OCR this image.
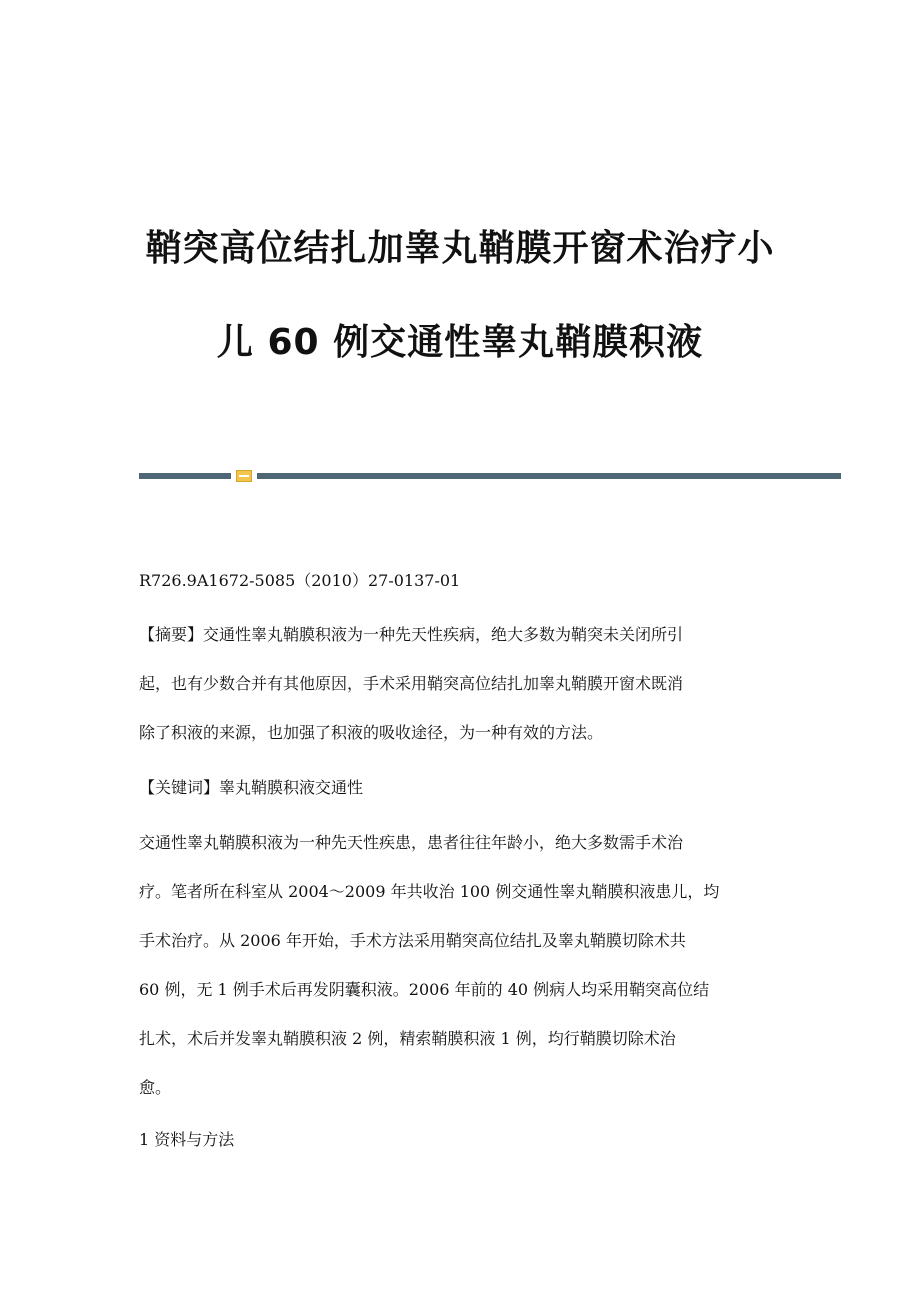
鞘突高位结扎加睾丸鞘膜开窗术治疗小
儿 60 例交通性睾丸鞘膜积液
R726.9A1672-5085（2010）27-0137-01
【摘要】交通性睾丸鞘膜积液为一种先天性疾病，绝大多数为鞘突未关闭所引
起，也有少数合并有其他原因，手术采用鞘突高位结扎加睾丸鞘膜开窗术既消
除了积液的来源，也加强了积液的吸收途径，为一种有效的方法。
【关键词】睾丸鞘膜积液交通性
交通性睾丸鞘膜积液为一种先天性疾患，患者往往年龄小，绝大多数需手术治
疗。笔者所在科室从 2004～2009 年共收治 100 例交通性睾丸鞘膜积液患儿，均
手术治疗。从 2006 年开始，手术方法采用鞘突高位结扎及睾丸鞘膜切除术共
60 例，无 1 例手术后再发阴囊积液。2006 年前的 40 例病人均采用鞘突高位结
扎术，术后并发睾丸鞘膜积液 2 例，精索鞘膜积液 1 例，均行鞘膜切除术治
愈。
1 资料与方法
